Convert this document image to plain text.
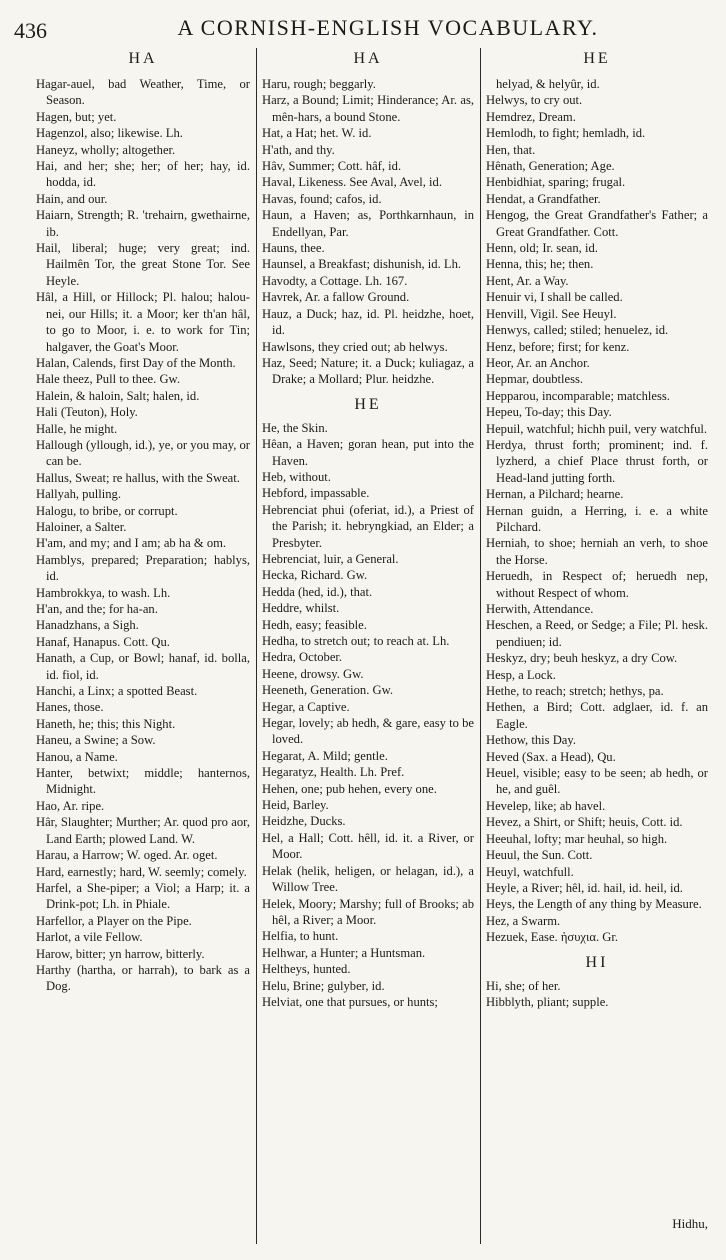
436	A CORNISH-ENGLISH VOCABULARY.
HA

Hagar-auel, bad Weather, Time, or Season.

Hagen, but; yet.

Hagenzol, also; likewise. Lh.

Haneyz, wholly; altogether.

Hai, and her; she; her; of her; hay, id. hodda, id.

Hain, and our.

Haiarn, Strength; R. 'trehairn, gwethairne, ib.

Hail, liberal; huge; very great; ind. Hailmên Tor, the great Stone Tor. See Heyle.

Hâl, a Hill, or Hillock; Pl. halou; halou-nei, our Hills; it. a Moor; ker th'an hâl, to go to Moor, i. e. to work for Tin; halgaver, the Goat's Moor.

Halan, Calends, first Day of the Month.

Hale theez, Pull to thee. Gw.

Halein, & haloin, Salt; halen, id.

Hali (Teuton), Holy.

Halle, he might.

Hallough (yllough, id.), ye, or you may, or can be.

Hallus, Sweat; re hallus, with the Sweat.

Hallyah, pulling.

Halogu, to bribe, or corrupt.

Haloiner, a Salter.

H'am, and my; and I am; ab ha & om.

Hamblys, prepared; Preparation; hablys, id.

Hambrokkya, to wash. Lh.

H'an, and the; for ha-an.

Hanadzhans, a Sigh.

Hanaf, Hanapus. Cott. Qu.

Hanath, a Cup, or Bowl; hanaf, id. bolla, id. fiol, id.

Hanchi, a Linx; a spotted Beast.

Hanes, those.

Haneth, he; this; this Night.

Haneu, a Swine; a Sow.

Hanou, a Name.

Hanter, betwixt; middle; hanternos, Midnight.

Hao, Ar. ripe.

Hâr, Slaughter; Murther; Ar. quod pro aor, Land Earth; plowed Land. W.

Harau, a Harrow; W. oged. Ar. oget.

Hard, earnestly; hard, W. seemly; comely.

Harfel, a She-piper; a Viol; a Harp; it. a Drink-pot; Lh. in Phiale.

Harfellor, a Player on the Pipe.

Harlot, a vile Fellow.

Harow, bitter; yn harrow, bitterly.

Harthy (hartha, or harrah), to bark as a Dog.

HA

Haru, rough; beggarly.

Harz, a Bound; Limit; Hinderance; Ar. as, mên-hars, a bound Stone.

Hat, a Hat; het. W. id.

H'ath, and thy.

Hâv, Summer; Cott. hâf, id.

Haval, Likeness. See Aval, Avel, id.

Havas, found; cafos, id.

Haun, a Haven; as, Porthkarnhaun, in Endellyan, Par.

Hauns, thee.

Haunsel, a Breakfast; dishunish, id. Lh.

Havodty, a Cottage. Lh. 167.

Havrek, Ar. a fallow Ground.

Hauz, a Duck; haz, id. Pl. heidzhe, hoet, id.

Hawlsons, they cried out; ab helwys.

Haz, Seed; Nature; it. a Duck; kuliagaz, a Drake; a Mollard; Plur. heidzhe.

HE

He, the Skin.

Hêan, a Haven; goran hean, put into the Haven.

Heb, without.

Hebford, impassable.

Hebrenciat phui (oferiat, id.), a Priest of the Parish; it. hebryngkiad, an Elder; a Presbyter.

Hebrenciat, luir, a General.

Hecka, Richard. Gw.

Hedda (hed, id.), that.

Heddre, whilst.

Hedh, easy; feasible.

Hedha, to stretch out; to reach at. Lh.

Hedra, October.

Heene, drowsy. Gw.

Heeneth, Generation. Gw.

Hegar, a Captive.

Hegar, lovely; ab hedh, & gare, easy to be loved.

Hegarat, A. Mild; gentle.

Hegaratyz, Health. Lh. Pref.

Hehen, one; pub hehen, every one.

Heid, Barley.

Heidzhe, Ducks.

Hel, a Hall; Cott. hêll, id. it. a River, or Moor.

Helak (helik, heligen, or helagan, id.), a Willow Tree.

Helek, Moory; Marshy; full of Brooks; ab hêl, a River; a Moor.

Helfia, to hunt.

Helhwar, a Hunter; a Huntsman.

Heltheys, hunted.

Helu, Brine; gulyber, id.

Helviat, one that pursues, or hunts;

HE

helyad, & helyûr, id.

Helwys, to cry out.

Hemdrez, Dream.

Hemlodh, to fight; hemladh, id.

Hen, that.

Hênath, Generation; Age.

Henbidhiat, sparing; frugal.

Hendat, a Grandfather.

Hengog, the Great Grandfather's Father; a Great Grandfather. Cott.

Henn, old; Ir. sean, id.

Henna, this; he; then.

Hent, Ar. a Way.

Henuir vi, I shall be called.

Henvill, Vigil. See Heuyl.

Henwys, called; stiled; henuelez, id.

Henz, before; first; for kenz.

Heor, Ar. an Anchor.

Hepmar, doubtless.

Hepparou, incomparable; matchless.

Hepeu, To-day; this Day.

Hepuil, watchful; hichh puil, very watchful.

Herdya, thrust forth; prominent; ind. f. lyzherd, a chief Place thrust forth, or Head-land jutting forth.

Hernan, a Pilchard; hearne.

Hernan guidn, a Herring, i. e. a white Pilchard.

Herniah, to shoe; herniah an verh, to shoe the Horse.

Heruedh, in Respect of; heruedh nep, without Respect of whom.

Herwith, Attendance.

Heschen, a Reed, or Sedge; a File; Pl. hesk. pendiuen; id.

Heskyz, dry; beuh heskyz, a dry Cow.

Hesp, a Lock.

Hethe, to reach; stretch; hethys, pa.

Hethen, a Bird; Cott. adglaer, id. f. an Eagle.

Hethow, this Day.

Heved (Sax. a Head), Qu.

Heuel, visible; easy to be seen; ab hedh, or he, and guêl.

Hevelep, like; ab havel.

Hevez, a Shirt, or Shift; heuis, Cott. id.

Heeuhal, lofty; mar heuhal, so high.

Heuul, the Sun. Cott.

Heuyl, watchfull.

Heyle, a River; hêl, id. hail, id. heil, id.

Heys, the Length of any thing by Measure.

Hez, a Swarm.

Hezuek, Ease. ἡσυχια. Gr.

HI

Hi, she; of her.

Hibblyth, pliant; supple.

Hidhu,
